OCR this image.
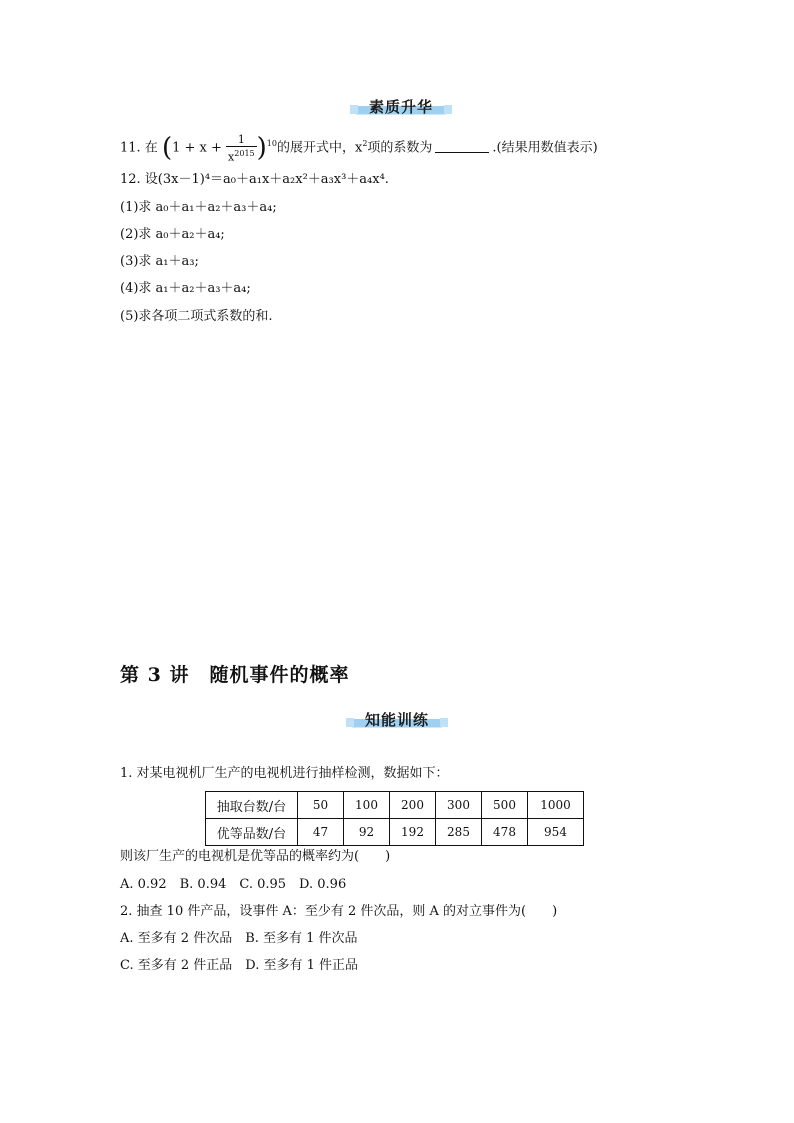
素质升华
11. 在 $(1 + x + \frac{1}{x^{2015}} )^{10}$的展开式中，$x^2$项的系数为	.(结果用数值表示)
12. 设(3x－1)⁴＝a₀＋a₁x＋a₂x²＋a₃x³＋a₄x⁴.
(1)求 a₀＋a₁＋a₂＋a₃＋a₄;
(2)求 a₀＋a₂＋a₄;
(3)求 a₁＋a₃;
(4)求 a₁＋a₂＋a₃＋a₄;
(5)求各项二项式系数的和.
第 3 讲　随机事件的概率
知能训练
1. 对某电视机厂生产的电视机进行抽样检测，数据如下：
抽取台数/台	50	100	200	300	500	1000
优等品数/台	47	92	192	285	478	954
则该厂生产的电视机是优等品的概率约为(　　)
A. 0.92　B. 0.94　C. 0.95　D. 0.96
2. 抽查 10 件产品，设事件 A：至少有 2 件次品，则 A 的对立事件为(　　)
A. 至多有 2 件次品　B. 至多有 1 件次品
C. 至多有 2 件正品　D. 至多有 1 件正品
